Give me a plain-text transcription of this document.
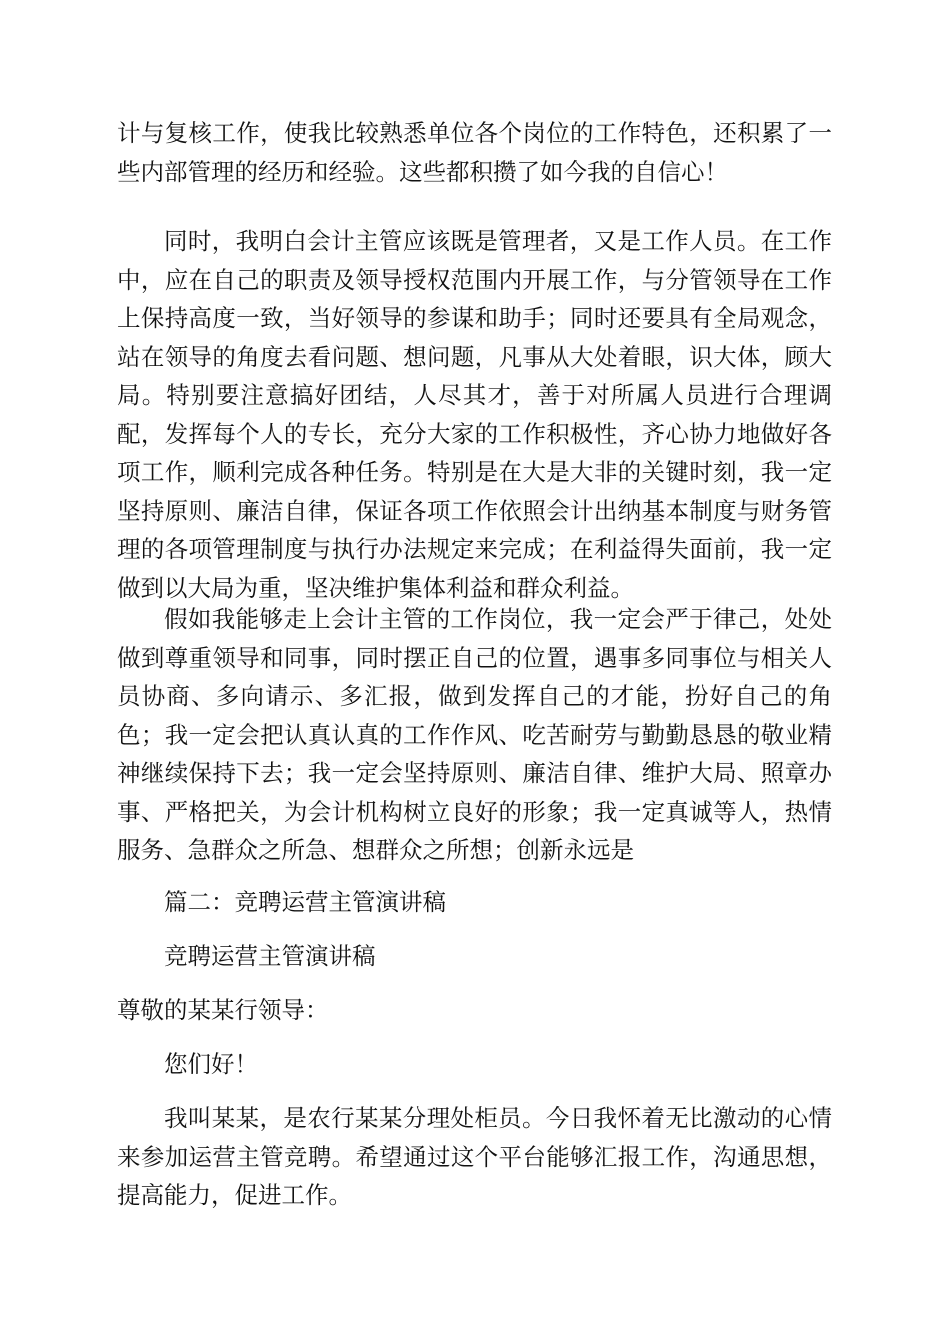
计与复核工作，使我比较熟悉单位各个岗位的工作特色，还积累了一些内部管理的经历和经验。这些都积攒了如今我的自信心！

同时，我明白会计主管应该既是管理者，又是工作人员。在工作中，应在自己的职责及领导授权范围内开展工作，与分管领导在工作上保持高度一致，当好领导的参谋和助手；同时还要具有全局观念，站在领导的角度去看问题、想问题，凡事从大处着眼，识大体，顾大局。特别要注意搞好团结，人尽其才，善于对所属人员进行合理调配，发挥每个人的专长，充分大家的工作积极性，齐心协力地做好各项工作，顺利完成各种任务。特别是在大是大非的关键时刻，我一定坚持原则、廉洁自律，保证各项工作依照会计出纳基本制度与财务管理的各项管理制度与执行办法规定来完成；在利益得失面前，我一定做到以大局为重，坚决维护集体利益和群众利益。

假如我能够走上会计主管的工作岗位，我一定会严于律己，处处做到尊重领导和同事，同时摆正自己的位置，遇事多同事位与相关人员协商、多向请示、多汇报，做到发挥自己的才能，扮好自己的角色；我一定会把认真认真的工作作风、吃苦耐劳与勤勤恳恳的敬业精神继续保持下去；我一定会坚持原则、廉洁自律、维护大局、照章办事、严格把关，为会计机构树立良好的形象；我一定真诚等人，热情服务、急群众之所急、想群众之所想；创新永远是

篇二：竞聘运营主管演讲稿

竞聘运营主管演讲稿

尊敬的某某行领导：

您们好！

我叫某某，是农行某某分理处柜员。今日我怀着无比激动的心情来参加运营主管竞聘。希望通过这个平台能够汇报工作，沟通思想，提高能力，促进工作。
